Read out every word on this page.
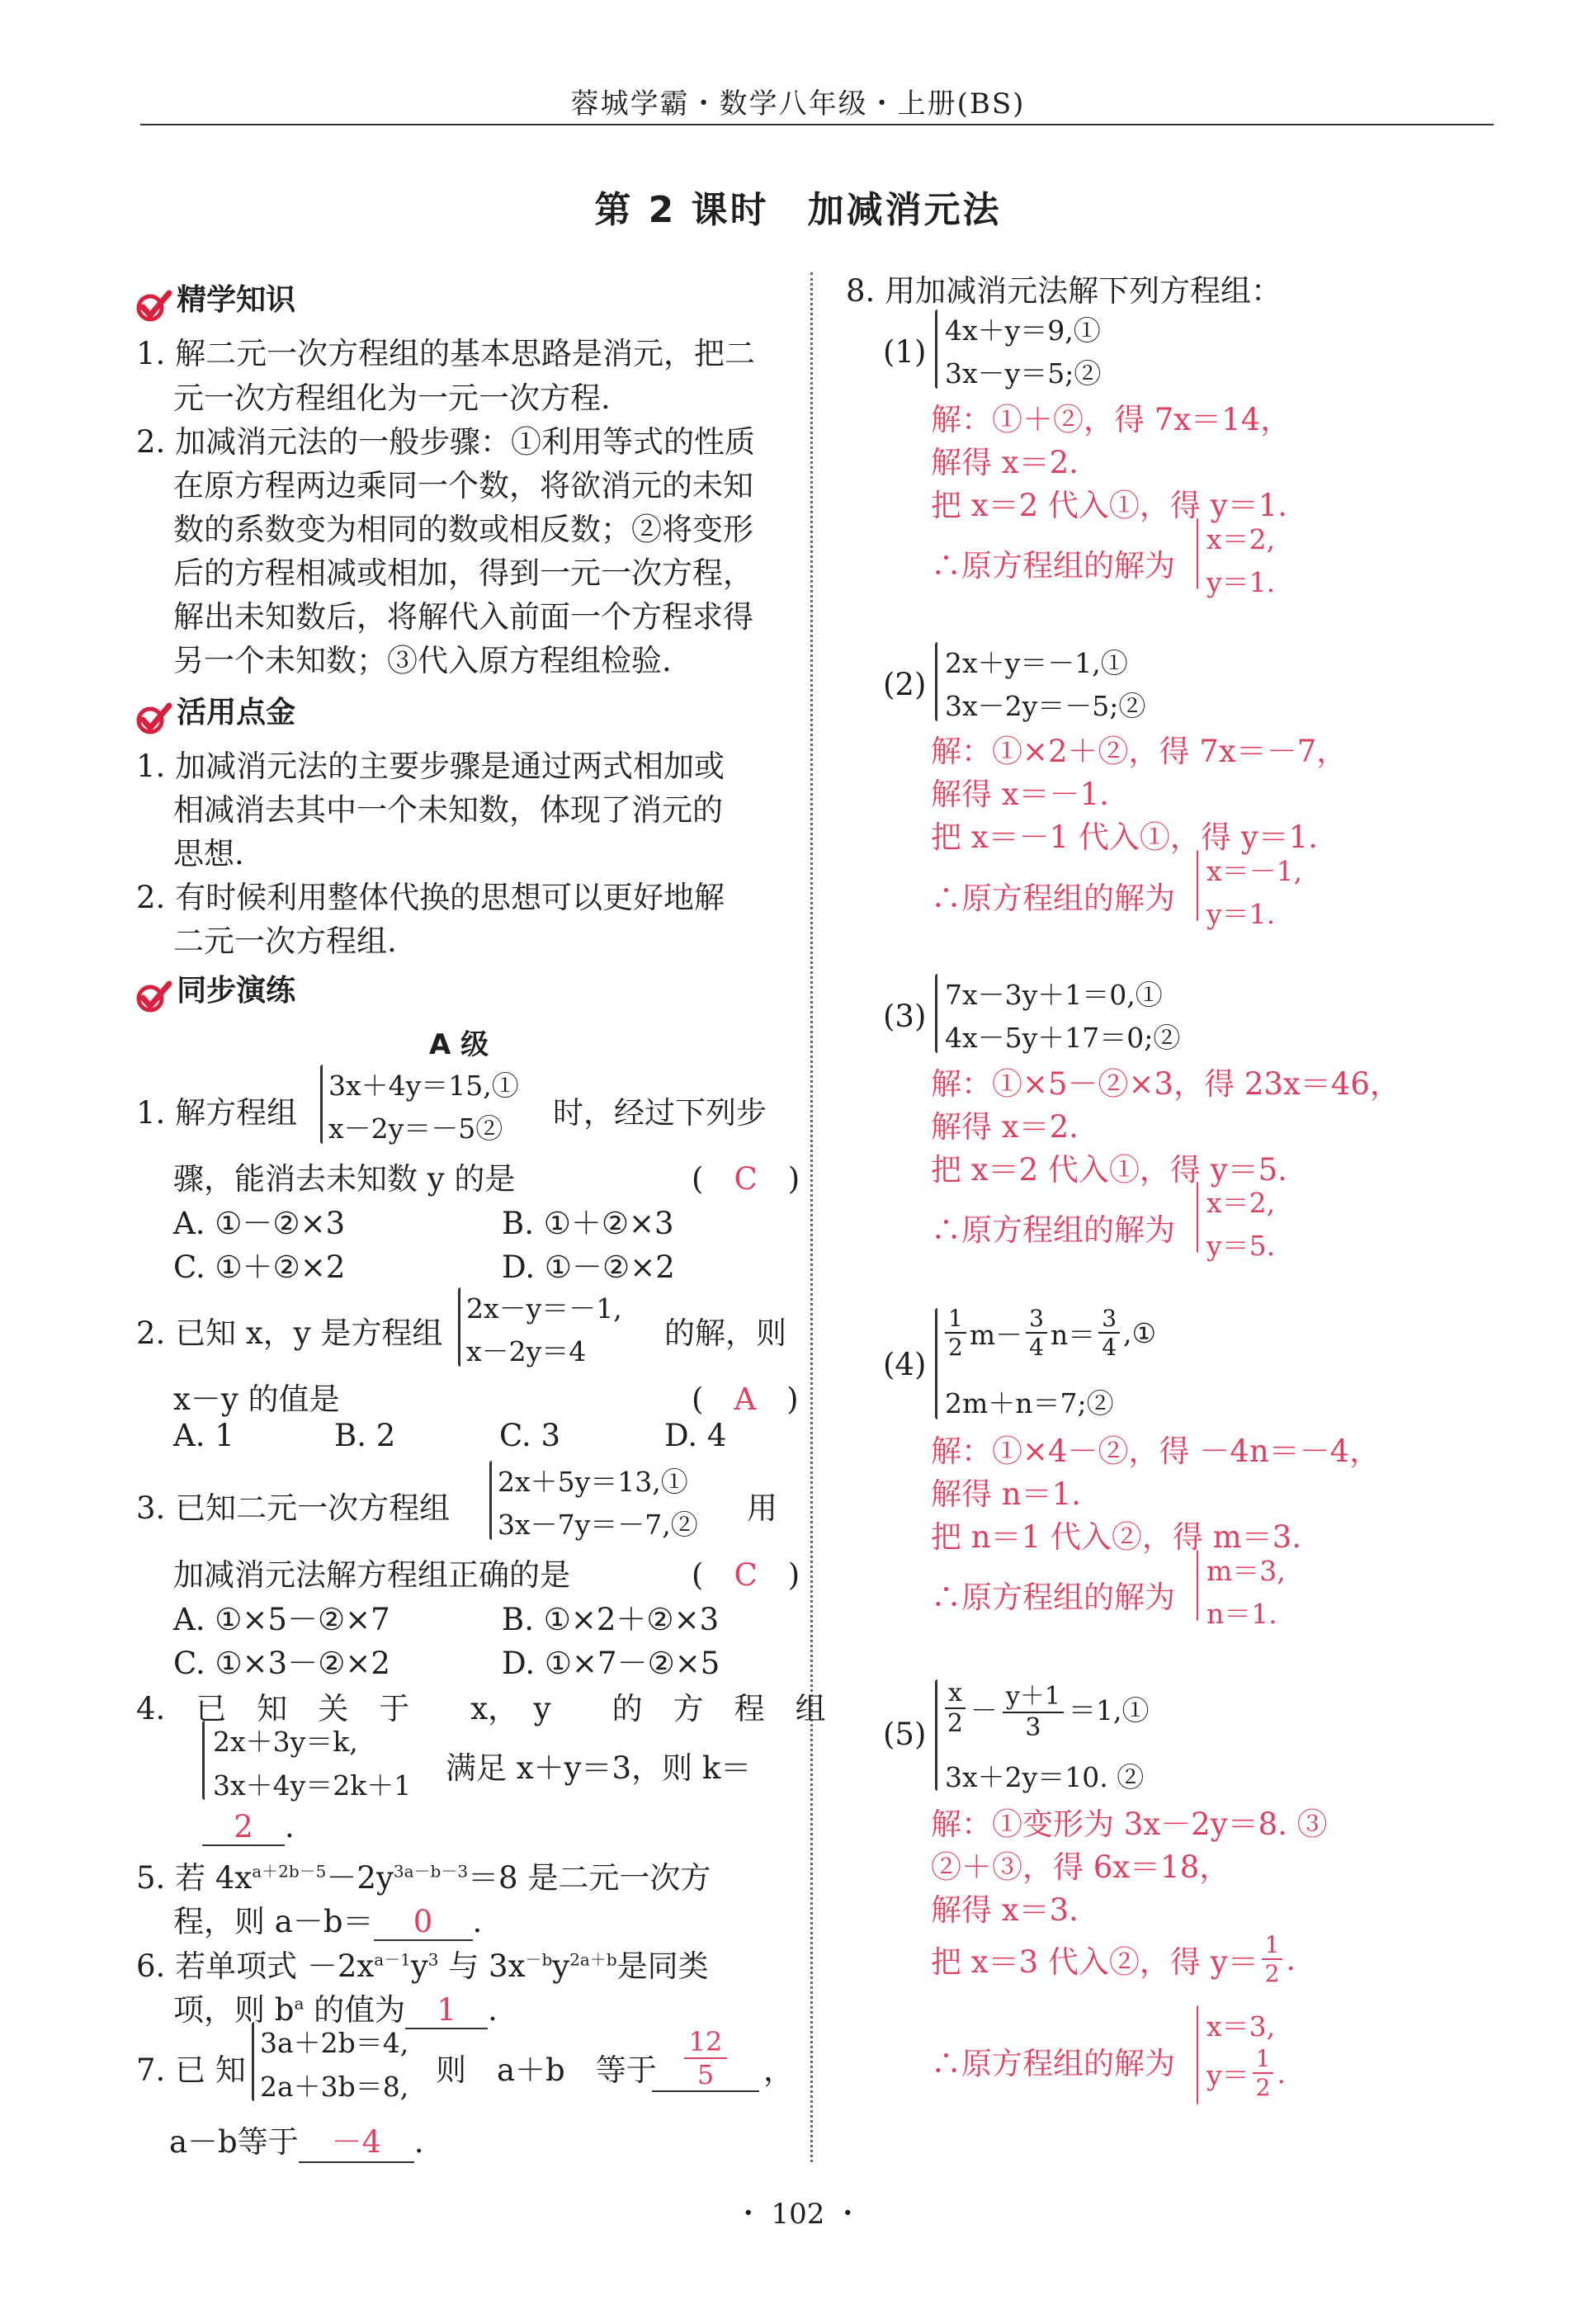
蓉城学霸・数学八年级・上册(BS)
第 2 课时　加减消元法
精学知识
1. 解二元一次方程组的基本思路是消元，把二
元一次方程组化为一元一次方程.
2. 加减消元法的一般步骤：①利用等式的性质
在原方程两边乘同一个数，将欲消元的未知
数的系数变为相同的数或相反数；②将变形
后的方程相减或相加，得到一元一次方程，
解出未知数后，将解代入前面一个方程求得
另一个未知数；③代入原方程组检验.
活用点金
1. 加减消元法的主要步骤是通过两式相加或
相减消去其中一个未知数，体现了消元的
思想.
2. 有时候利用整体代换的思想可以更好地解
二元一次方程组.
同步演练
A 级
1. 解方程组
3x＋4y＝15,①
x－2y＝－5② 时，经过下列步
骤，能消去未知数 y 的是	(　C　)
A. ①－②×3	B. ①＋②×3
C. ①＋②×2	D. ①－②×2
2. 已知 x，y 是方程组
2x－y＝－1,
x－2y＝4
的解，则
x－y 的值是	(　A　)
A. 1	B. 2	C. 3	D. 4
3. 已知二元一次方程组
2x＋5y＝13,①
3x－7y＝－7,② 用
加减消元法解方程组正确的是	(　C　)
A. ①×5－②×7	B. ①×2＋②×3
C. ①×3－②×2	D. ①×7－②×5
4.　已　知　关　于　　x，　y　　的　方　程　组
2x＋3y＝k,
3x＋4y＝2k＋1 满足 x＋y＝3，则 k＝
2 .
5. 若 $4x^{a+2b-5}-2y^{3a-b-3}=8$ 是二元一次方
程，则 a－b＝ 0 .
6. 若单项式 $-2x^{a-1}y^3$ 与 $3x^{-b}y^{2a+b}$是同类
项，则 $b^a$ 的值为 1 .
7. 已 知
3a＋2b＝4,
2a＋3b＝8, 则　a＋b　等于
$\frac{12}{5}$ ，
a－b等于 －4 .
8. 用加减消元法解下列方程组：
(1)
4x＋y＝9,①
3x－y＝5;②
解：①＋②，得 7x＝14，
解得 x＝2.
把 x＝2 代入①，得 y＝1.
∴原方程组的解为
x＝2,
y＝1.
(2)
2x＋y＝－1,①
3x－2y＝－5;②
解：①×2＋②，得 7x＝－7，
解得 x＝－1.
把 x＝－1 代入①，得 y＝1.
∴原方程组的解为
x＝－1,
y＝1.
(3)
7x－3y＋1＝0,①
4x－5y＋17＝0;②
解：①×5－②×3，得 23x＝46，
解得 x＝2.
把 x＝2 代入①，得 y＝5.
∴原方程组的解为
x＝2,
y＝5.
(4)
$\frac{1}{2} m- \frac{3}{4} n= \frac{3}{4}$ ,①
2m＋n＝7;②
解：①×4－②，得 －4n＝－4，
解得 n＝1.
把 n＝1 代入②，得 m＝3.
∴原方程组的解为
m＝3,
n＝1.
$(5) \frac{x}{2} - \frac{y+1}{3}$ ＝1,①
3x＋2y＝10. ②
解：①变形为 3x－2y＝8. ③
②＋③，得 6x＝18，
解得 x＝3.
把 x＝3 代入②，得 $y= \frac{1}{2}$ .
∴原方程组的解为
x＝3,
$y= \frac{1}{2}$ .
・ 102 ・
